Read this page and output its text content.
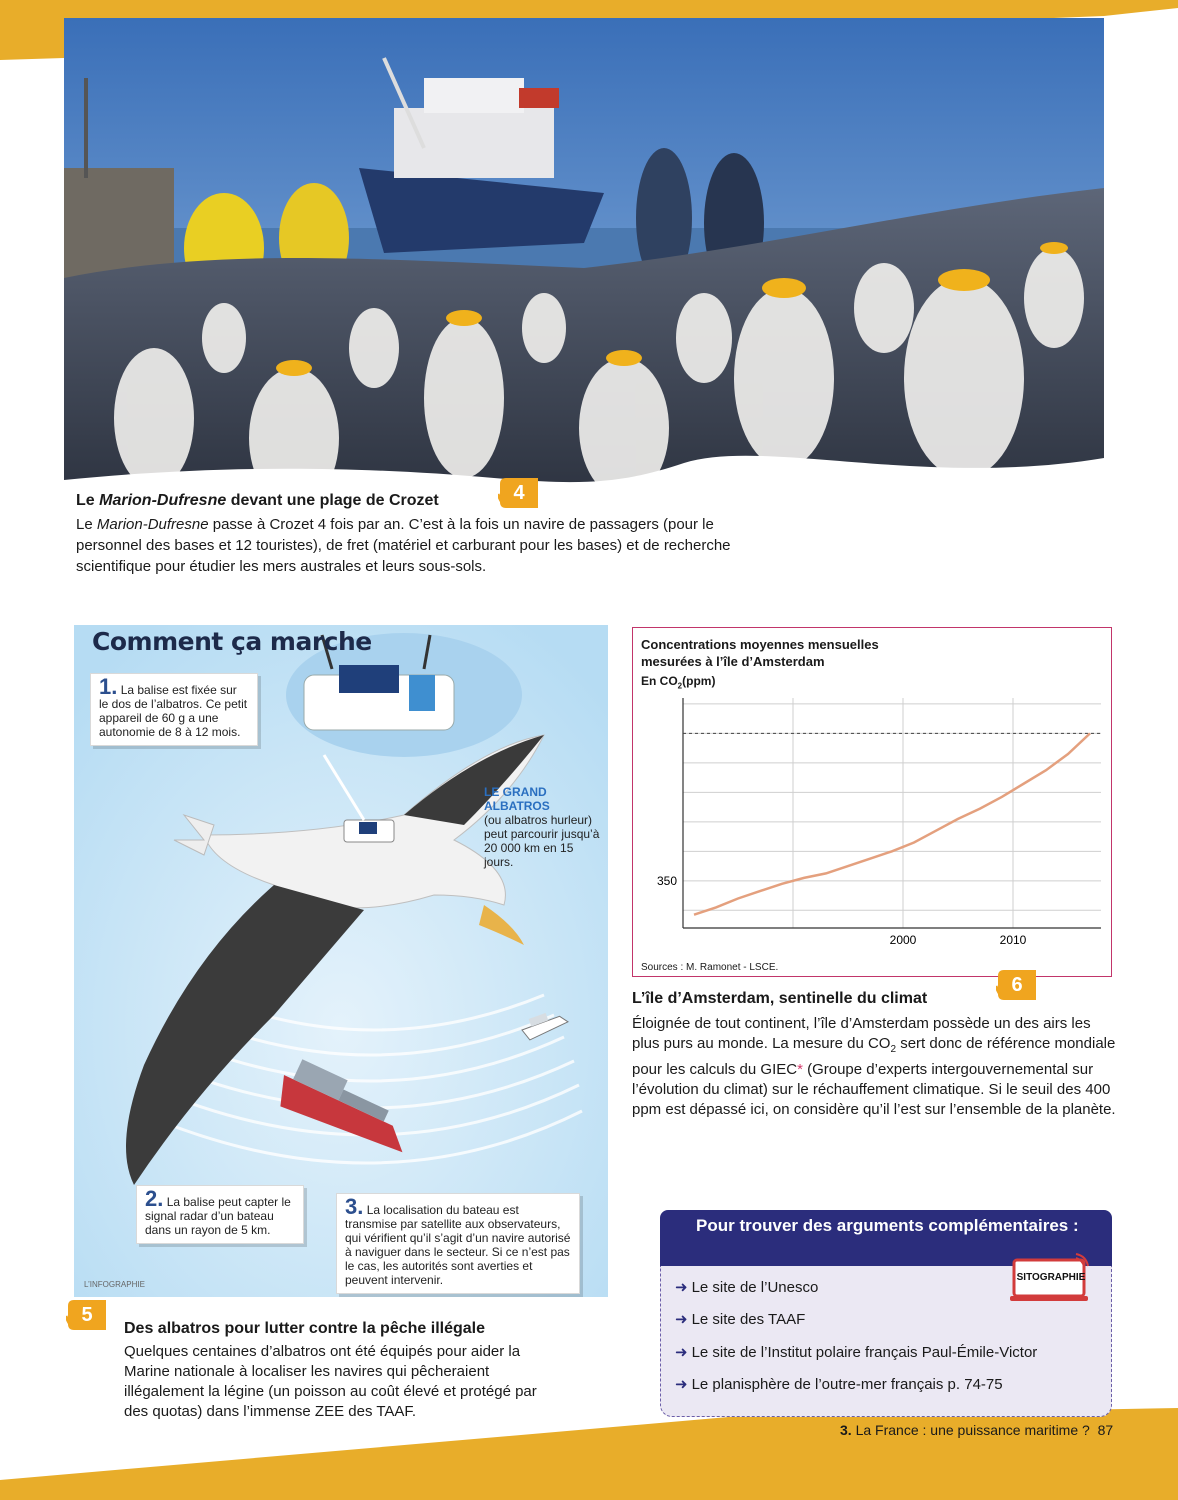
4
Le Marion-Dufresne devant une plage de Crozet
Le Marion-Dufresne passe à Crozet 4 fois par an. C’est à la fois un navire de passagers (pour le personnel des bases et 12 touristes), de fret (matériel et carburant pour les bases) et de recherche scientifique pour étudier les mers australes et leurs sous-sols.
Comment ça marche
1. La balise est fixée sur le dos de l’albatros. Ce petit appareil de 60 g a une autonomie de 8 à 12 mois.
LE GRAND ALBATROS
(ou albatros hurleur) peut parcourir jusqu’à 20 000 km en 15 jours.
2. La balise peut capter le signal radar d’un bateau dans un rayon de 5 km.
3. La localisation du bateau est transmise par satellite aux observateurs, qui vérifient qu’il s’agit d’un navire autorisé à naviguer dans le secteur. Si ce n’est pas le cas, les autorités sont averties et peuvent intervenir.
L’INFOGRAPHIE
5
Des albatros pour lutter contre la pêche illégale
Quelques centaines d’albatros ont été équipés pour aider la Marine nationale à localiser les navires qui pêcheraient illégalement la légine (un poisson au coût élevé et protégé par des quotas) dans l’immense ZEE des TAAF.
Concentrations moyennes mensuelles
mesurées à l’île d’Amsterdam
En $CO_2(ppm)$
2000	2010
350
Sources : M. Ramonet - LSCE.
6
L’île d’Amsterdam, sentinelle du climat
Éloignée de tout continent, l’île d’Amsterdam possède un des airs les plus purs au monde. La mesure du $CO_2$ sert donc de référence mondiale pour les calculs du GIEC* (Groupe d’experts intergouvernemental sur l’évolution du climat) sur le réchauffement climatique. Si le seuil des 400 ppm est dépassé ici, on considère qu’il l’est sur l’ensemble de la planète.
Pour trouver des arguments complémentaires :
➜ Le site de l’Unesco
➜ Le site des TAAF
➜ Le site de l’Institut polaire français Paul-Émile-Victor
➜ Le planisphère de l’outre-mer français p. 74-75
SITOGRAPHIE
3. La France : une puissance maritime ? 87
